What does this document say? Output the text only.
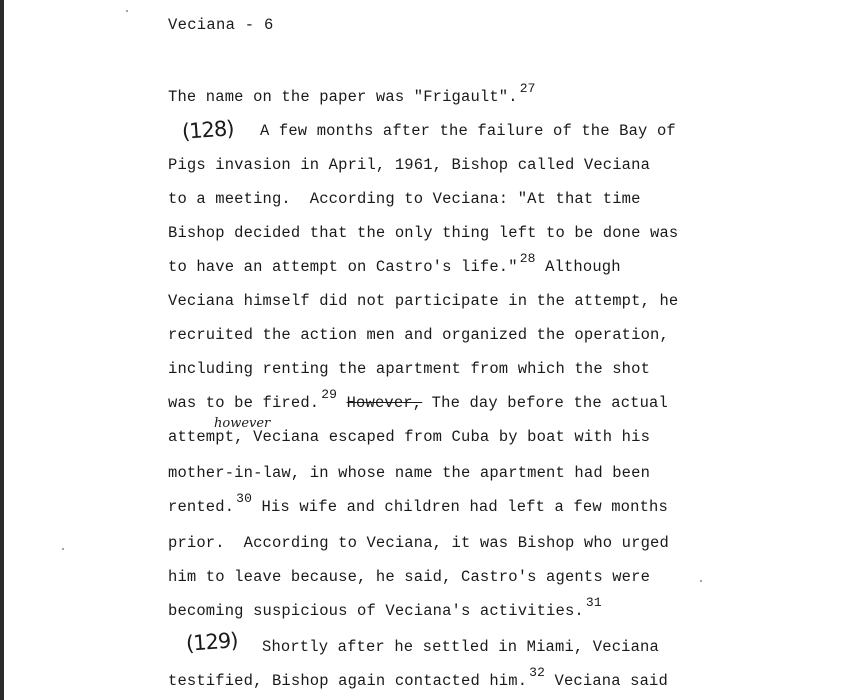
Veciana - 6
The name on the paper was "Frigault". $^{27}$
(128) A few months after the failure of the Bay of
Pigs invasion in April, 1961, Bishop called Veciana
to a meeting.  According to Veciana: "At that time
Bishop decided that the only thing left to be done was
to have an attempt on Castro's life." $^{28}$ Although
Veciana himself did not participate in the attempt, he
recruited the action men and organized the operation,
including renting the apartment from which the shot
was to be fired. $^{29}$ However, The day before the actual
however
attempt, Veciana escaped from Cuba by boat with his
mother-in-law, in whose name the apartment had been
rented. $^{30}$ His wife and children had left a few months
prior.  According to Veciana, it was Bishop who urged
him to leave because, he said, Castro's agents were
becoming suspicious of Veciana's activities. $^{31}$
(129) Shortly after he settled in Miami, Veciana
testified, Bishop again contacted him. $^{32}$ Veciana said
